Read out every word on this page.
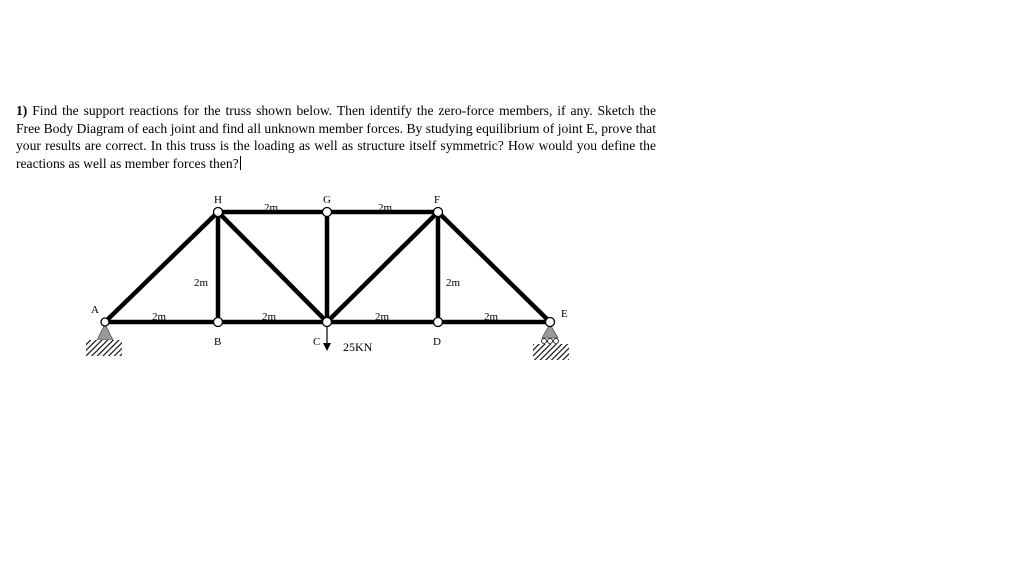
1) Find the support reactions for the truss shown below. Then identify the zero-force members, if any. Sketch the Free Body Diagram of each joint and find all unknown member forces. By studying equilibrium of joint E, prove that your results are correct. In this truss is the loading as well as structure itself symmetric? How would you define the reactions as well as member forces then?
25KN
A
B	C	D
E
H	G	F
2m	2m
2m	2m
2m	2m	2m	2m
